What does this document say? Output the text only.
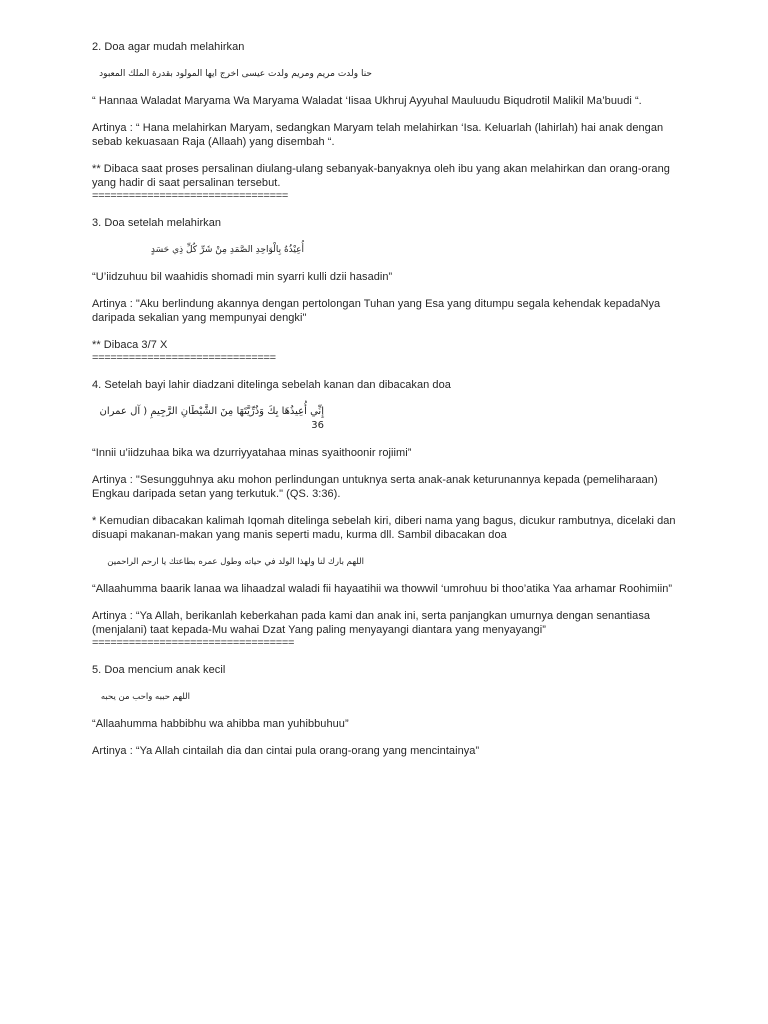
2. Doa agar mudah melahirkan

حنا ولدت مريم ومريم ولدت عيسى اخرج ايها المولود بقدرة الملك المعبود

“ Hannaa Waladat Maryama Wa Maryama Waladat ‘Iisaa Ukhruj Ayyuhal Mauluudu Biqudrotil Malikil Ma’buudi “.

Artinya : “ Hana melahirkan Maryam, sedangkan Maryam telah melahirkan ‘Isa. Keluarlah (lahirlah) hai anak dengan sebab kekuasaan Raja (Allaah) yang disembah “.

** Dibaca saat proses persalinan diulang-ulang sebanyak-banyaknya oleh ibu yang akan melahirkan dan orang-orang yang hadir di saat persalinan tersebut.

================================

3. Doa setelah melahirkan

أُعِيْذُهُ بِالْوَاحِدِ الصَّمَدِ مِنْ شَرِّ كُلِّ ذِي حَسَدٍ

“U’iidzuhuu bil waahidis shomadi min syarri kulli dzii hasadin”

Artinya : "Aku berlindung akannya dengan pertolongan Tuhan yang Esa yang ditumpu segala kehendak kepadaNya daripada sekalian yang mempunyai dengki"

** Dibaca 3/7 X

==============================

4. Setelah bayi lahir diadzani ditelinga sebelah kanan dan dibacakan doa

إِنِّي أُعِيذُهَا بِكَ وَذُرِّيَّتَهَا مِنَ الشَّيْطَانِ الرَّجِيمِ ( آل عمران 36

“Innii u’iidzuhaa bika wa dzurriyyatahaa minas syaithoonir rojiimi”

Artinya : "Sesungguhnya aku mohon perlindungan untuknya serta anak-anak keturunannya kepada (pemeliharaan) Engkau daripada setan yang terkutuk." (QS. 3:36).

* Kemudian dibacakan kalimah Iqomah ditelinga sebelah kiri, diberi nama yang bagus, dicukur rambutnya, dicelaki dan disuapi makanan-makan yang manis seperti madu, kurma dll. Sambil dibacakan doa

اللهم بارك لنا ولهذا الولد في حياته وطول عمره بطاعتك يا ارحم الراحمين

“Allaahumma baarik lanaa wa lihaadzal waladi fii hayaatihii wa thowwil ‘umrohuu bi thoo’atika Yaa arhamar Roohimiin”

Artinya : “Ya Allah, berikanlah keberkahan pada kami dan anak ini, serta panjangkan umurnya dengan senantiasa (menjalani) taat kepada-Mu wahai Dzat Yang paling menyayangi diantara yang menyayangi”

=================================

5. Doa mencium anak kecil

اللهم حببه واحب من يحبه

“Allaahumma habbibhu wa ahibba man yuhibbuhuu”

Artinya : “Ya Allah cintailah dia dan cintai pula orang-orang yang mencintainya”
